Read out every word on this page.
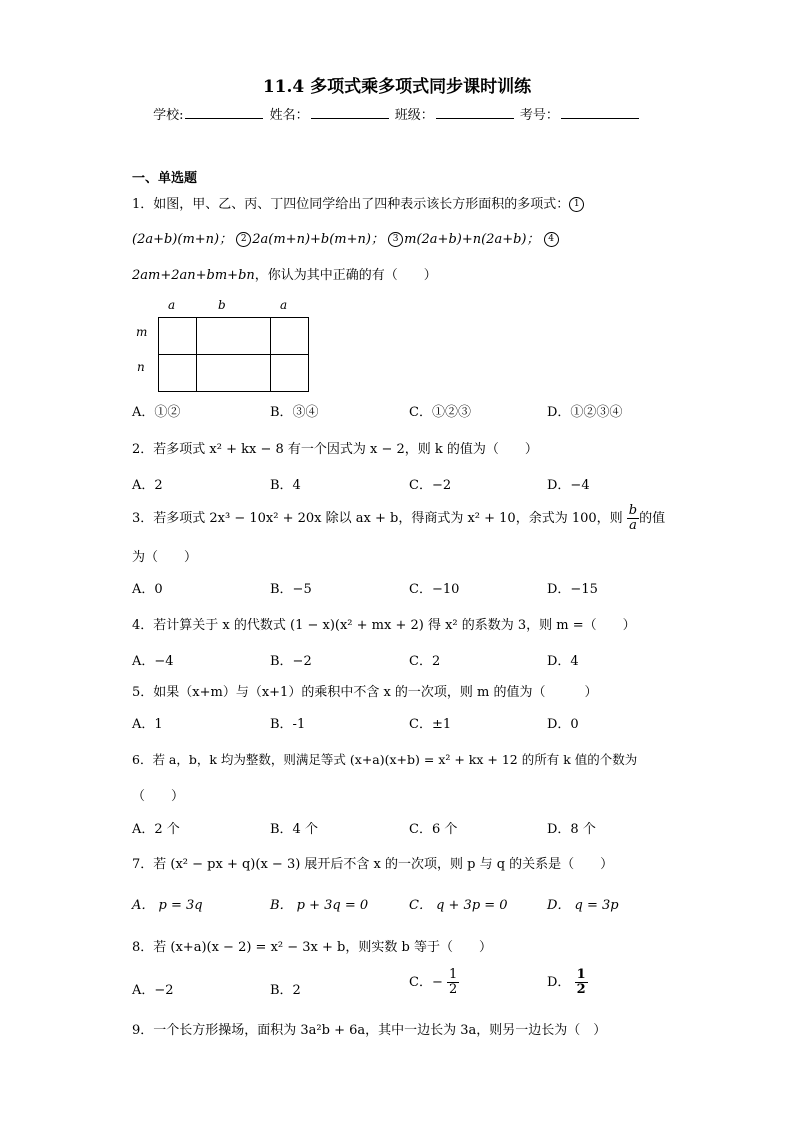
11.4 多项式乘多项式同步课时训练
学校:	姓名：	班级：	考号：
一、单选题
1．如图，甲、乙、丙、丁四位同学给出了四种表示该长方形面积的多项式： 1
(2a+b)(m+n)； 2 2a(m+n)+b(m+n)； 3 m(2a+b)+n(2a+b)； 4
2am+2an+bm+bn，你认为其中正确的有（　　）
a	b	a
m
n

A．①②	B．③④	C．①②③	D．①②③④
2．若多项式 x² + kx − 8 有一个因式为 x − 2，则 k 的值为（　　）
A．2	B．4	C．−2	D．−4
3．若多项式 2x³ − 10x² + 20x 除以 ax + b，得商式为 x² + 10，余式为 100，则 $\frac{b}{a}$ 的值
为（　　）
A．0	B．−5	C．−10	D．−15
4．若计算关于 x 的代数式 (1 − x)(x² + mx + 2) 得 x² 的系数为 3，则 m =（　　）
A．−4	B．−2	C．2	D．4
5．如果（x+m）与（x+1）的乘积中不含 x 的一次项，则 m 的值为（　　　）
A．1	B．-1	C．±1	D．0
6．若 a，b，k 均为整数，则满足等式 (x+a)(x+b) = x² + kx + 12 的所有 k 值的个数为
（　　）
A．2 个	B．4 个	C．6 个	D．8 个
7．若 (x² − px + q)(x − 3) 展开后不含 x 的一次项，则 p 与 q 的关系是（　　）
A． p = 3q	B． p + 3q = 0	C． q + 3p = 0	D． q = 3p
8．若 (x+a)(x − 2) = x² − 3x + b，则实数 b 等于（　　）
A．−2	B．2
C．− $\frac{1}{2}$	D． $\frac{1}{2}$
9．一个长方形操场，面积为 3a²b + 6a，其中一边长为 3a，则另一边长为（　）
